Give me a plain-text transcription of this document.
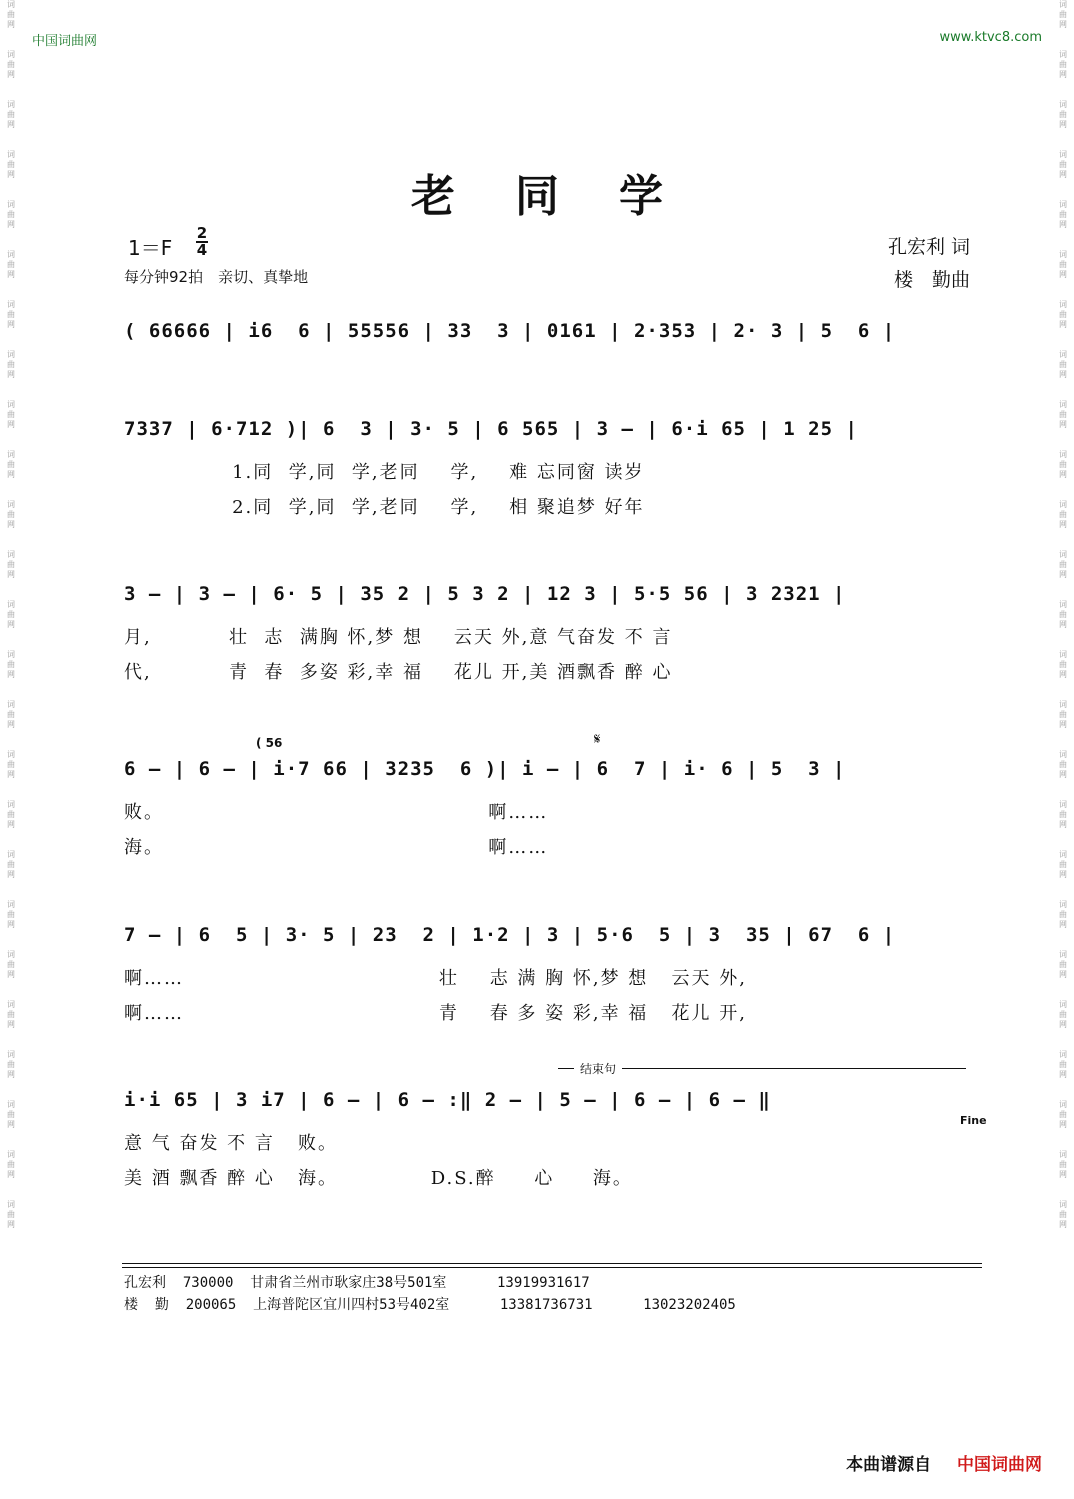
词
曲
网

词
曲
网

词
曲
网

词
曲
网

词
曲
网

词
曲
网

词
曲
网

词
曲
网

词
曲
网

词
曲
网

词
曲
网

词
曲
网

词
曲
网

词
曲
网

词
曲
网

词
曲
网

词
曲
网

词
曲
网

词
曲
网

词
曲
网

词
曲
网

词
曲
网

词
曲
网

词
曲
网

词
曲
网
词
曲
网

词
曲
网

词
曲
网

词
曲
网

词
曲
网

词
曲
网

词
曲
网

词
曲
网

词
曲
网

词
曲
网

词
曲
网

词
曲
网

词
曲
网

词
曲
网

词
曲
网

词
曲
网

词
曲
网

词
曲
网

词
曲
网

词
曲
网

词
曲
网

词
曲
网

词
曲
网

词
曲
网

词
曲
网
中国词曲网	www.ktvc8.com
老同学
1＝F
2
4
每分钟92拍　亲切、真挚地
孔宏利 词
楼　勤曲
( 66666 | i6  6 | 55556 | 33  3 | 0161 | 2·353 | 2· 3 | 5  6 |
7337 | 6·712 )| 6  3 | 3· 5 | 6 565 | 3 — | 6·i 65 | 1 25 |
1.同  学,同  学,老同    学,    难 忘同窗 读岁
2.同  学,同  学,老同    学,    相 聚追梦 好年
3 — | 3 — | 6· 5 | 35 2 | 5 3 2 | 12 3 | 5·5 56 | 3 2321 |
月,          壮  志  满胸 怀,梦 想    云天 外,意 气奋发 不 言
代,          青  春  多姿 彩,幸 福    花儿 开,美 酒飘香 醉 心
( 56	𝄋
6 — | 6 — | i·7 66 | 3235  6 )| i — | 6  7 | i· 6 | 5  3 |
败。                                          啊……
海。                                          啊……
7 — | 6  5 | 3· 5 | 23  2 | 1·2 | 3 | 5·6  5 | 3  35 | 67  6 |
啊……                                 壮    志 满 胸 怀,梦 想   云天 外,
啊……                                 青    春 多 姿 彩,幸 福   花儿 开,
结束句
i·i 65 | 3 i7 | 6 — | 6 — :‖ 2 — | 5 — | 6 — | 6 — ‖
Fine
意 气 奋发 不 言   败。
美 酒 飘香 醉 心   海。            D.S.醉     心     海。
孔宏利  730000  甘肃省兰州市耿家庄38号501室      13919931617
楼  勤  200065  上海普陀区宜川四村53号402室      13381736731      13023202405
本曲谱源自 中国词曲网
